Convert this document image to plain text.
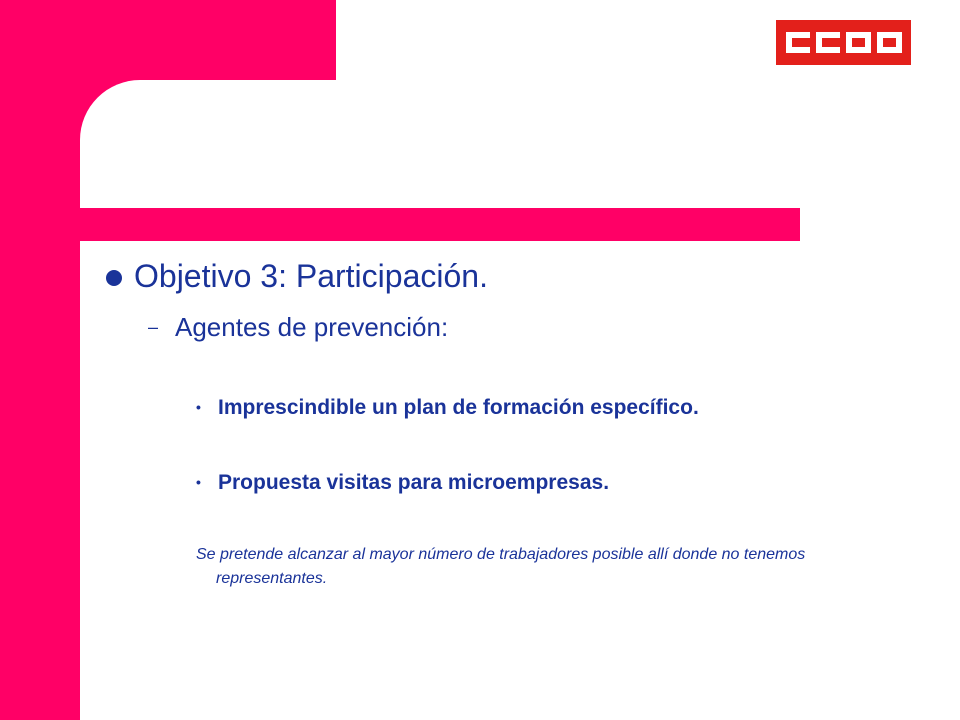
Objetivo 3: Participación.
– Agentes de prevención:
• Imprescindible un plan de formación específico.
• Propuesta visitas para microempresas.
Se pretende alcanzar al mayor número de trabajadores posible allí donde no tenemos representantes.
